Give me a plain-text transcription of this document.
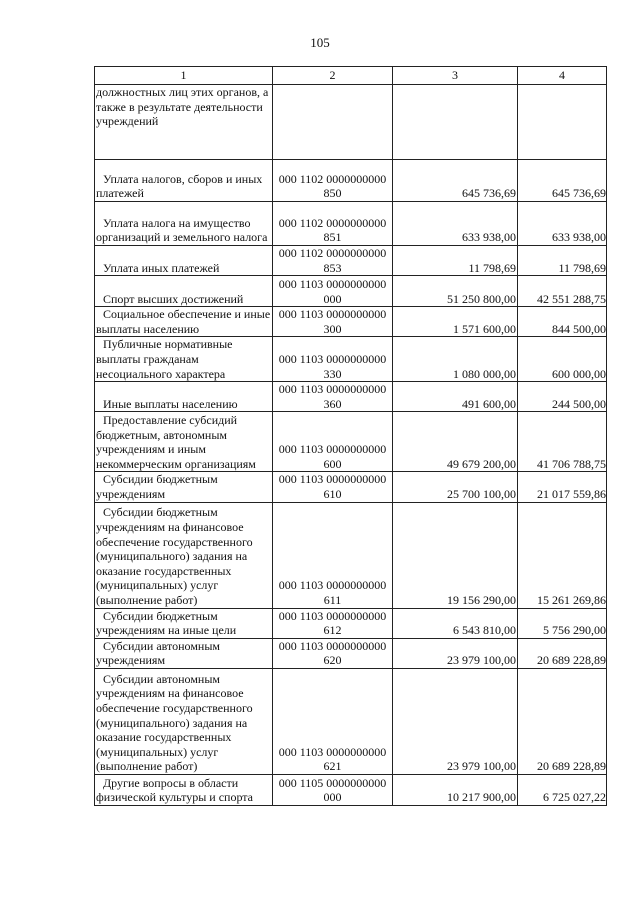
105
1	2	3	4
должностных лиц этих органов, а также в результате деятельности учреждений			
Уплата налогов, сборов и иных платежей	000 1102 0000000000 850	645 736,69	645 736,69
Уплата налога на имущество организаций и земельного налога	000 1102 0000000000 851	633 938,00	633 938,00
Уплата иных платежей	000 1102 0000000000 853	11 798,69	11 798,69
Спорт высших достижений	000 1103 0000000000 000	51 250 800,00	42 551 288,75
Социальное обеспечение и иные выплаты населению	000 1103 0000000000 300	1 571 600,00	844 500,00
Публичные нормативные выплаты гражданам несоциального характера	000 1103 0000000000 330	1 080 000,00	600 000,00
Иные выплаты населению	000 1103 0000000000 360	491 600,00	244 500,00
Предоставление субсидий бюджетным, автономным учреждениям и иным некоммерческим организациям	000 1103 0000000000 600	49 679 200,00	41 706 788,75
Субсидии бюджетным учреждениям	000 1103 0000000000 610	25 700 100,00	21 017 559,86
Субсидии бюджетным учреждениям на финансовое обеспечение государственного (муниципального) задания на оказание государственных (муниципальных) услуг (выполнение работ)	000 1103 0000000000 611	19 156 290,00	15 261 269,86
Субсидии бюджетным учреждениям на иные цели	000 1103 0000000000 612	6 543 810,00	5 756 290,00
Субсидии автономным учреждениям	000 1103 0000000000 620	23 979 100,00	20 689 228,89
Субсидии автономным учреждениям на финансовое обеспечение государственного (муниципального) задания на оказание государственных (муниципальных) услуг (выполнение работ)	000 1103 0000000000 621	23 979 100,00	20 689 228,89
Другие вопросы в области физической культуры и спорта	000 1105 0000000000 000	10 217 900,00	6 725 027,22
